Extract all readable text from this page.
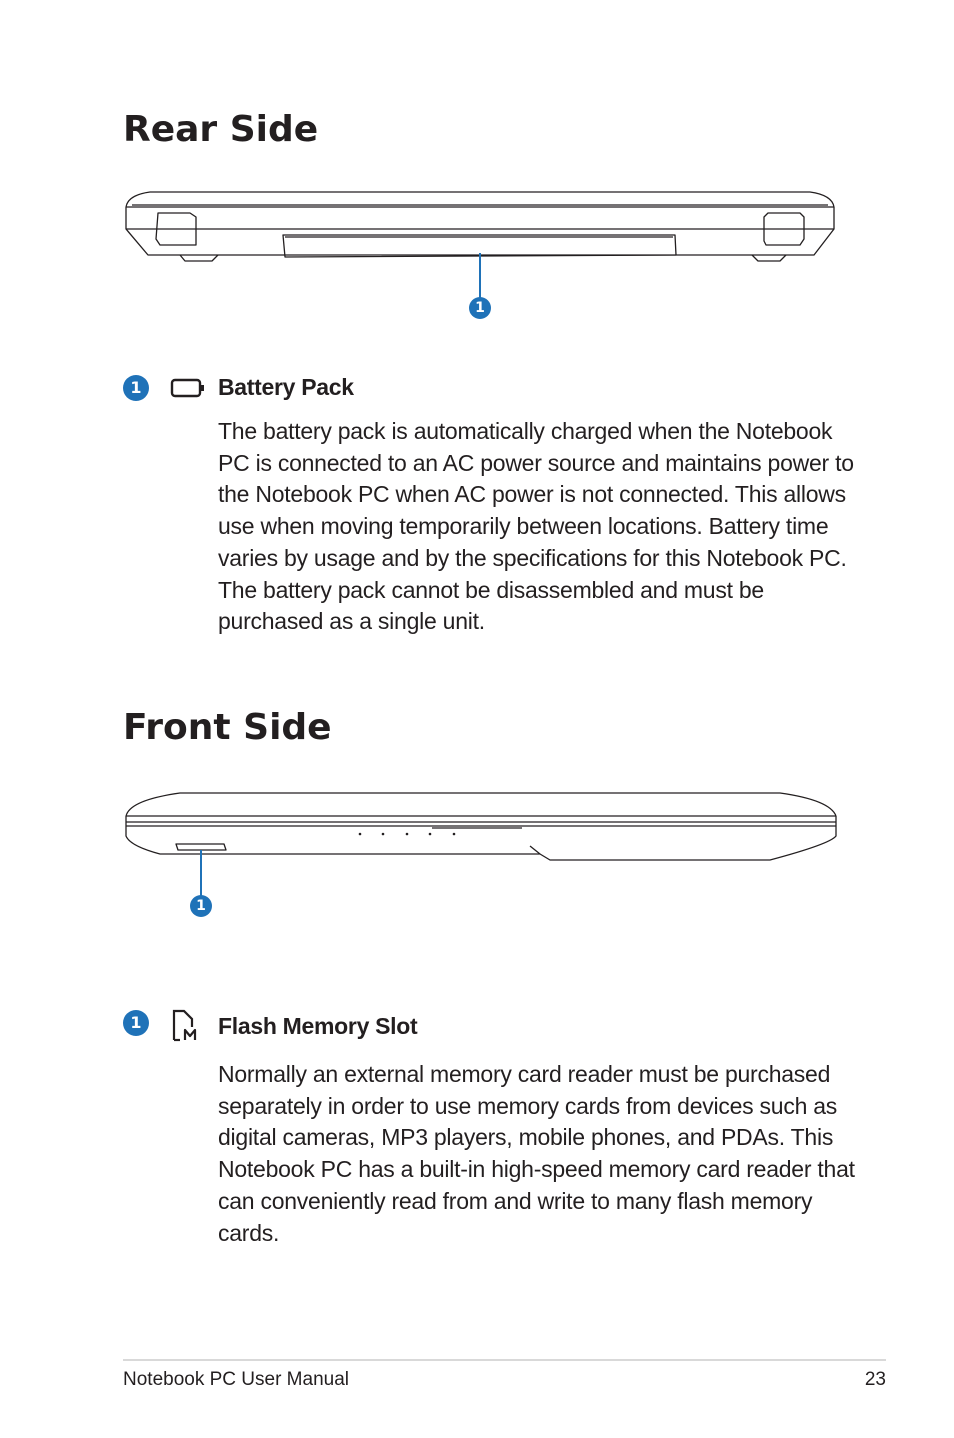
Rear Side
1
1	Battery Pack

The battery pack is automatically charged when the Notebook PC is connected to an AC power source and maintains power to the Notebook PC when AC power is not connected. This allows use when moving temporarily between locations. Battery time varies by usage and by the specifications for this Notebook PC. The battery pack cannot be disassembled and must be purchased as a single unit.

Front Side
1
1	Flash Memory Slot

Normally an external memory card reader must be purchased separately in order to use memory cards from devices such as digital cameras, MP3 players, mobile phones, and PDAs. This Notebook PC has a built-in high-speed memory card reader that can conveniently read from and write to many flash memory cards.

Notebook PC User Manual	23
